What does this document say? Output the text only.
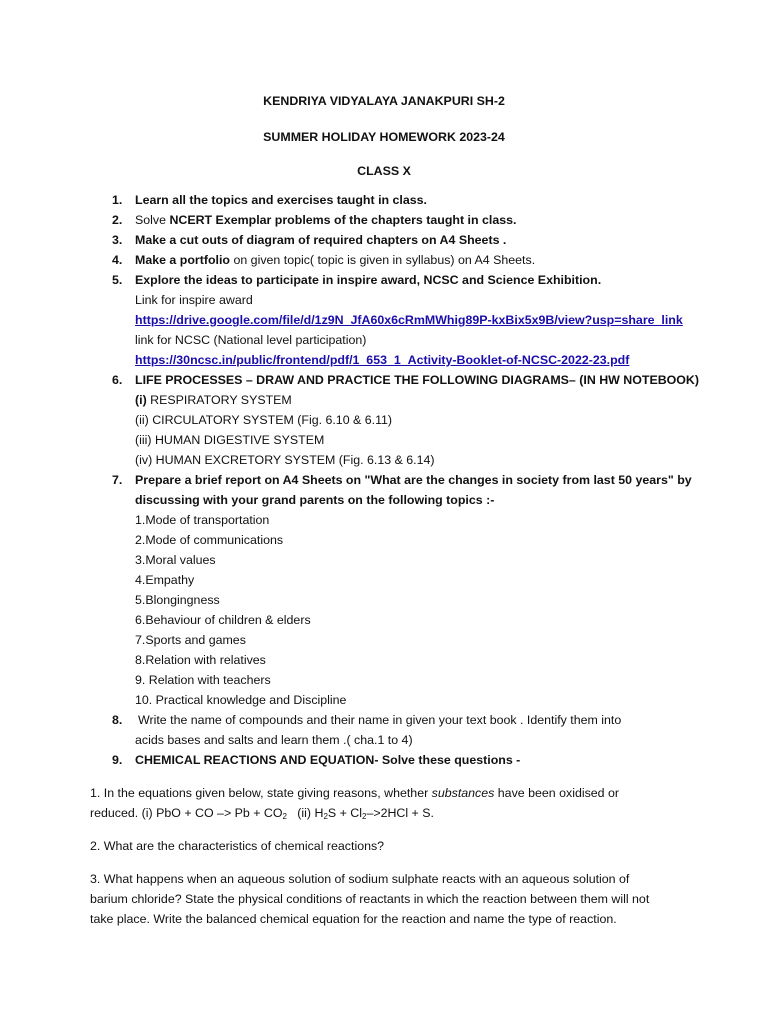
KENDRIYA VIDYALAYA JANAKPURI SH-2
SUMMER HOLIDAY HOMEWORK 2023-24
CLASS X
1. Learn all the topics and exercises taught in class.
2. Solve NCERT Exemplar problems of the chapters taught in class.
3. Make a cut outs of diagram of required chapters on A4 Sheets .
4. Make a portfolio on given topic( topic is given in syllabus) on A4 Sheets.
5. Explore the ideas to participate in inspire award, NCSC and Science Exhibition.
Link for inspire award
https://drive.google.com/file/d/1z9N_JfA60x6cRmMWhig89P-kxBix5x9B/view?usp=share_link
link for NCSC (National level participation)
https://30ncsc.in/public/frontend/pdf/1_653_1_Activity-Booklet-of-NCSC-2022-23.pdf
6. LIFE PROCESSES – DRAW AND PRACTICE THE FOLLOWING DIAGRAMS– (IN HW NOTEBOOK)
(i) RESPIRATORY SYSTEM
(ii) CIRCULATORY SYSTEM (Fig. 6.10 & 6.11)
(iii) HUMAN DIGESTIVE SYSTEM
(iv) HUMAN EXCRETORY SYSTEM (Fig. 6.13 & 6.14)
7. Prepare a brief report on A4 Sheets on "What are the changes in society from last 50 years" by
discussing with your grand parents on the following topics :-
1.Mode of transportation
2.Mode of communications
3.Moral values
4.Empathy
5.Blongingness
6.Behaviour of children & elders
7.Sports and games
8.Relation with relatives
9. Relation with teachers
10. Practical knowledge and Discipline
8. Write the name of compounds and their name in given your text book . Identify them into
acids bases and salts and learn them .( cha.1 to 4)
9. CHEMICAL REACTIONS AND EQUATION- Solve these questions -
1. In the equations given below, state giving reasons, whether substances have been oxidised or
reduced. (i) PbO + CO –> $Pb + CO_2$   (ii) $H_2S + Cl_2->2HCl + S$.
2. What are the characteristics of chemical reactions?
3. What happens when an aqueous solution of sodium sulphate reacts with an aqueous solution of
barium chloride? State the physical conditions of reactants in which the reaction between them will not
take place. Write the balanced chemical equation for the reaction and name the type of reaction.
